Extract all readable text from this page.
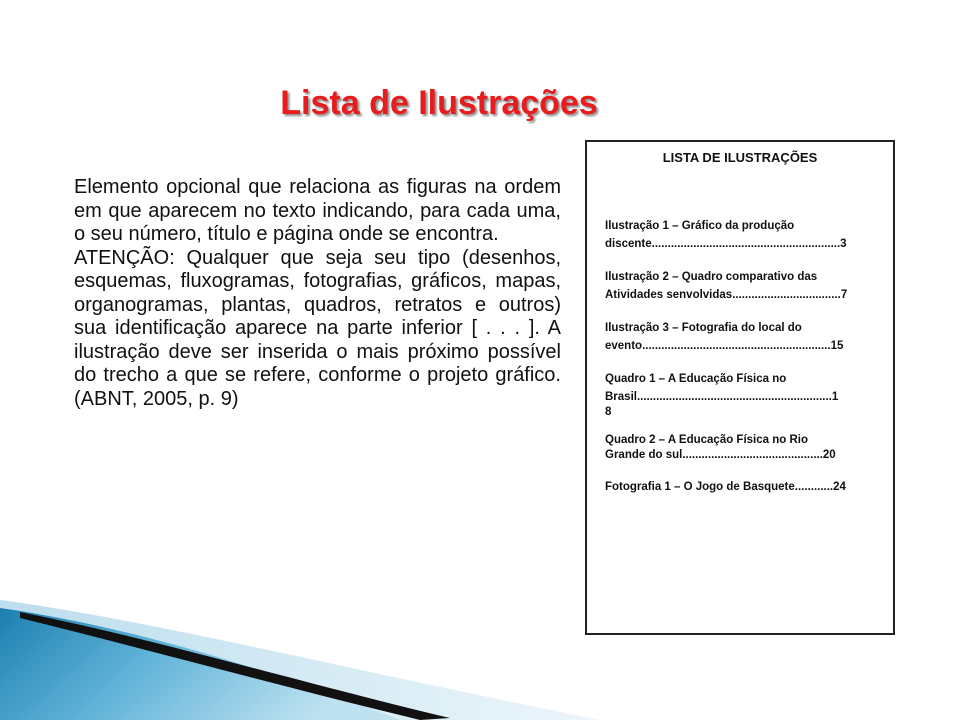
Lista de Ilustrações

Elemento opcional que relaciona as figuras na ordem em que aparecem no texto indicando, para cada uma, o seu número, título e página onde se encontra.

ATENÇÃO: Qualquer que seja seu tipo (desenhos, esquemas, fluxogramas, fotografias, gráficos, mapas, organogramas, plantas, quadros, retratos e outros) sua identificação aparece na parte inferior [ . . . ]. A ilustração deve ser inserida o mais próximo possível do trecho a que se refere, conforme o projeto gráfico. (ABNT, 2005, p. 9)

LISTA DE ILUSTRAÇÕES
Ilustração 1 – Gráfico da produção
discente...........................................................3
Ilustração 2 – Quadro comparativo das
Atividades senvolvidas..................................7
Ilustração 3 – Fotografia do local do
evento...........................................................15
Quadro 1 – A Educação Física no
Brasil.............................................................1
8
Quadro 2 – A Educação Física no Rio
Grande do sul............................................20
Fotografia 1 – O Jogo de Basquete............24
